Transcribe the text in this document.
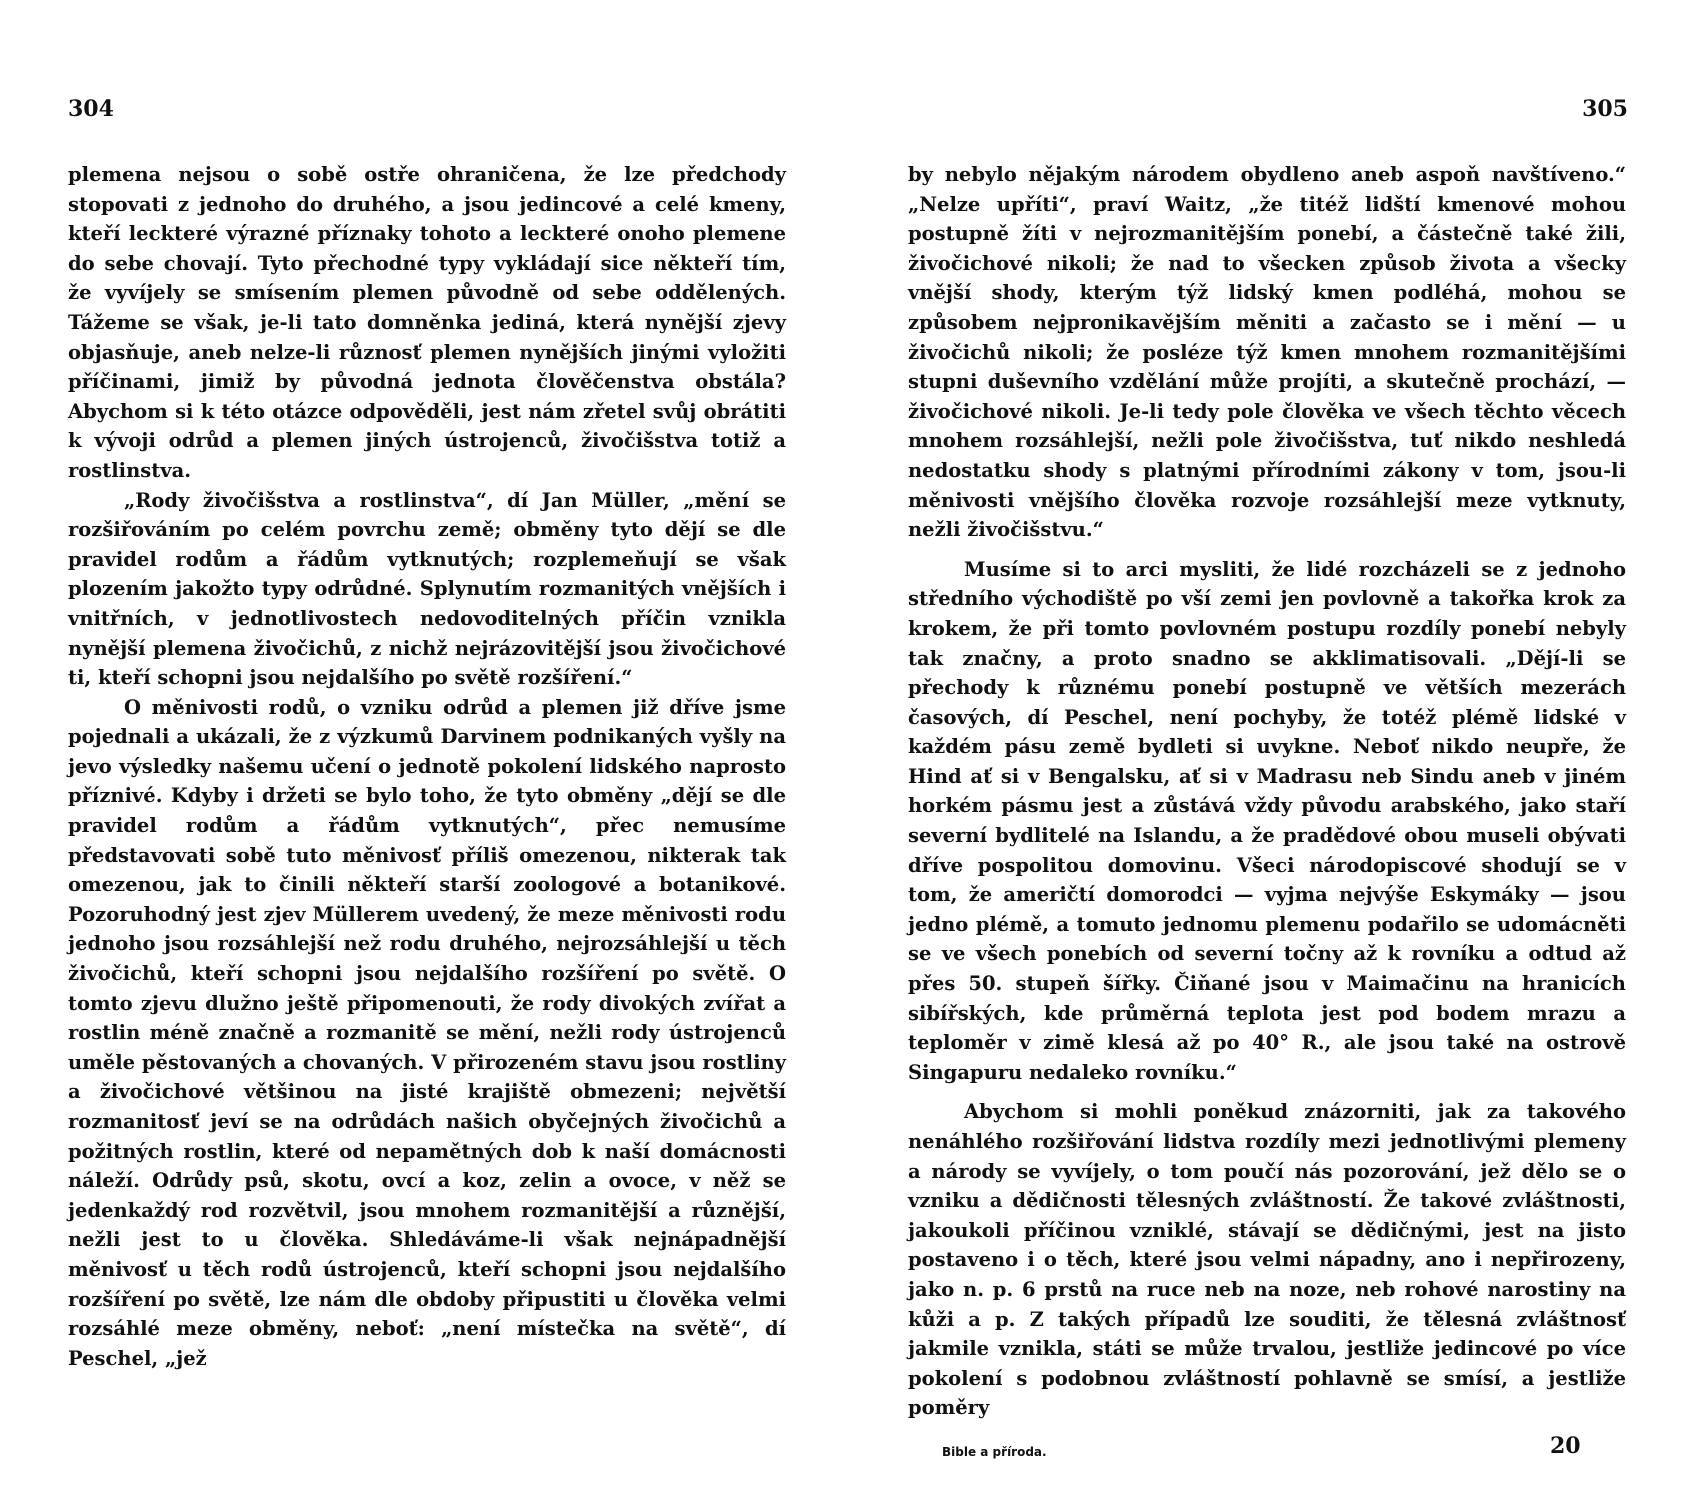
304

plemena nejsou o sobě ostře ohraničena, že lze předchody stopovati z jednoho do druhého, a jsou jedincové a celé kmeny, kteří leckteré výrazné příznaky tohoto a leckteré onoho plemene do sebe chovají. Tyto přechodné typy vykládají sice někteří tím, že vyvíjely se smísením plemen původně od sebe oddělených. Tážeme se však, je-li tato domněnka jediná, která nynější zjevy objasňuje, aneb nelze-li různosť plemen nynějších jinými vyložiti příčinami, jimiž by původná jednota člověčenstva obstála? Abychom si k této otázce odpověděli, jest nám zřetel svůj obrátiti k vývoji odrůd a plemen jiných ústrojenců, živočišstva totiž a rostlinstva.

„Rody živočišstva a rostlinstva“, dí Jan Müller, „mění se rozšiřováním po celém povrchu země; obměny tyto dějí se dle pravidel rodům a řádům vytknutých; rozplemeňují se však plozením jakožto typy odrůdné. Splynutím rozmanitých vnějších i vnitřních, v jednotlivostech nedovoditelných příčin vznikla nynější plemena živočichů, z nichž nejrázovitější jsou živočichové ti, kteří schopni jsou nejdalšího po světě rozšíření.“

O měnivosti rodů, o vzniku odrůd a plemen již dříve jsme pojednali a ukázali, že z výzkumů Darvinem podnikaných vyšly na jevo výsledky našemu učení o jednotě pokolení lidského naprosto příznivé. Kdyby i držeti se bylo toho, že tyto obměny „dějí se dle pravidel rodům a řádům vytknutých“, přec nemusíme představovati sobě tuto měnivosť příliš omezenou, nikterak tak omezenou, jak to činili někteří starší zoologové a botanikové. Pozoruhodný jest zjev Müllerem uvedený, že meze měnivosti rodu jednoho jsou rozsáhlejší než rodu druhého, nejrozsáhlejší u těch živočichů, kteří schopni jsou nejdalšího rozšíření po světě. O tomto zjevu dlužno ještě připomenouti, že rody divokých zvířat a rostlin méně značně a rozmanitě se mění, nežli rody ústrojenců uměle pěstovaných a chovaných. V přirozeném stavu jsou rostliny a živočichové většinou na jisté krajiště obmezeni; největší rozmanitosť jeví se na odrůdách našich obyčejných živočichů a požitných rostlin, které od nepamětných dob k naší domácnosti náleží. Odrůdy psů, skotu, ovcí a koz, zelin a ovoce, v něž se jedenkaždý rod rozvětvil, jsou mnohem rozmanitější a různější, nežli jest to u člověka. Shledáváme-li však nejnápadnější měnivosť u těch rodů ústrojenců, kteří schopni jsou nejdalšího rozšíření po světě, lze nám dle obdoby připustiti u člověka velmi rozsáhlé meze obměny, neboť: „není místečka na světě“, dí Peschel, „jež

305

by nebylo nějakým národem obydleno aneb aspoň navštíveno.“ „Nelze upříti“, praví Waitz, „že titéž lidští kmenové mohou postupně žíti v nejrozmanitějším ponebí, a částečně také žili, živočichové nikoli; že nad to všecken způsob života a všecky vnější shody, kterým týž lidský kmen podléhá, mohou se způsobem nejpronikavějším měniti a začasto se i mění — u živočichů nikoli; že posléze týž kmen mnohem rozmanitějšími stupni duševního vzdělání může projíti, a skutečně prochází, — živočichové nikoli. Je-li tedy pole člověka ve všech těchto věcech mnohem rozsáhlejší, nežli pole živočišstva, tuť nikdo neshledá nedostatku shody s platnými přírodními zákony v tom, jsou-li měnivosti vnějšího člověka rozvoje rozsáhlejší meze vytknuty, nežli živočišstvu.“

Musíme si to arci mysliti, že lidé rozcházeli se z jednoho středního východiště po vší zemi jen povlovně a takořka krok za krokem, že při tomto povlovném postupu rozdíly ponebí nebyly tak značny, a proto snadno se akklimatisovali. „Dějí-li se přechody k různému ponebí postupně ve větších mezerách časových, dí Peschel, není pochyby, že totéž plémě lidské v každém pásu země bydleti si uvykne. Neboť nikdo neupře, že Hind ať si v Bengalsku, ať si v Madrasu neb Sindu aneb v jiném horkém pásmu jest a zůstává vždy původu arabského, jako staří severní bydlitelé na Islandu, a že pradědové obou museli obývati dříve pospolitou domovinu. Všeci národopiscové shodují se v tom, že američtí domorodci — vyjma nejvýše Eskymáky — jsou jedno plémě, a tomuto jednomu plemenu podařilo se udomácněti se ve všech ponebích od severní točny až k rovníku a odtud až přes 50. stupeň šířky. Čiňané jsou v Maimačinu na hranicích sibířských, kde průměrná teplota jest pod bodem mrazu a teploměr v zimě klesá až po 40° R., ale jsou také na ostrově Singapuru nedaleko rovníku.“

Abychom si mohli poněkud znázorniti, jak za takového nenáhlého rozšiřování lidstva rozdíly mezi jednotlivými plemeny a národy se vyvíjely, o tom poučí nás pozorování, jež dělo se o vzniku a dědičnosti tělesných zvláštností. Že takové zvláštnosti, jakoukoli příčinou vzniklé, stávají se dědičnými, jest na jisto postaveno i o těch, které jsou velmi nápadny, ano i nepřirozeny, jako n. p. 6 prstů na ruce neb na noze, neb rohové narostiny na kůži a p. Z takých případů lze souditi, že tělesná zvláštnosť jakmile vznikla, státi se může trvalou, jestliže jedincové po více pokolení s podobnou zvláštností pohlavně se smísí, a jestliže poměry

Bible a příroda.	20
